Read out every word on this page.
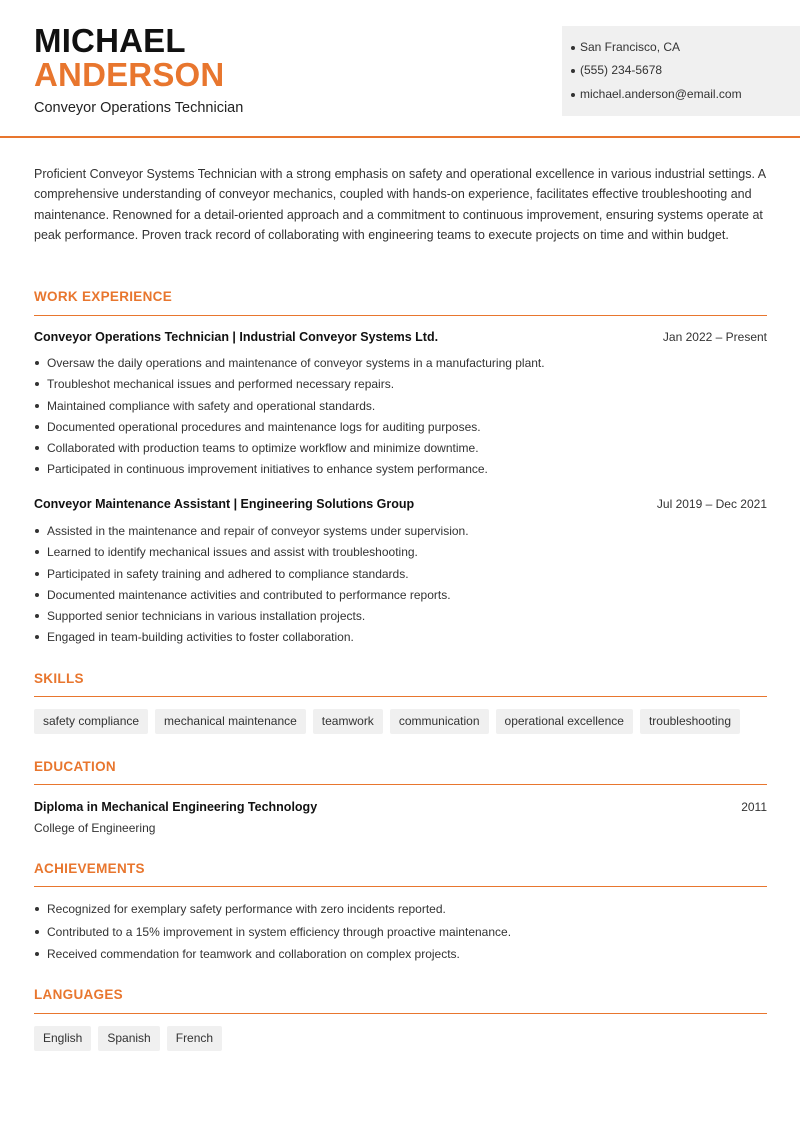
MICHAEL
ANDERSON
Conveyor Operations Technician
San Francisco, CA
(555) 234-5678
michael.anderson@email.com
Proficient Conveyor Systems Technician with a strong emphasis on safety and operational excellence in various industrial settings. A comprehensive understanding of conveyor mechanics, coupled with hands-on experience, facilitates effective troubleshooting and maintenance. Renowned for a detail-oriented approach and a commitment to continuous improvement, ensuring systems operate at peak performance. Proven track record of collaborating with engineering teams to execute projects on time and within budget.
WORK EXPERIENCE
Conveyor Operations Technician | Industrial Conveyor Systems Ltd.	Jan 2022 – Present
Oversaw the daily operations and maintenance of conveyor systems in a manufacturing plant.
Troubleshot mechanical issues and performed necessary repairs.
Maintained compliance with safety and operational standards.
Documented operational procedures and maintenance logs for auditing purposes.
Collaborated with production teams to optimize workflow and minimize downtime.
Participated in continuous improvement initiatives to enhance system performance.
Conveyor Maintenance Assistant | Engineering Solutions Group	Jul 2019 – Dec 2021
Assisted in the maintenance and repair of conveyor systems under supervision.
Learned to identify mechanical issues and assist with troubleshooting.
Participated in safety training and adhered to compliance standards.
Documented maintenance activities and contributed to performance reports.
Supported senior technicians in various installation projects.
Engaged in team-building activities to foster collaboration.
SKILLS
safety compliance	mechanical maintenance	teamwork	communication	operational excellence	troubleshooting
EDUCATION
Diploma in Mechanical Engineering Technology	2011
College of Engineering
ACHIEVEMENTS
Recognized for exemplary safety performance with zero incidents reported.
Contributed to a 15% improvement in system efficiency through proactive maintenance.
Received commendation for teamwork and collaboration on complex projects.
LANGUAGES
English	Spanish	French
